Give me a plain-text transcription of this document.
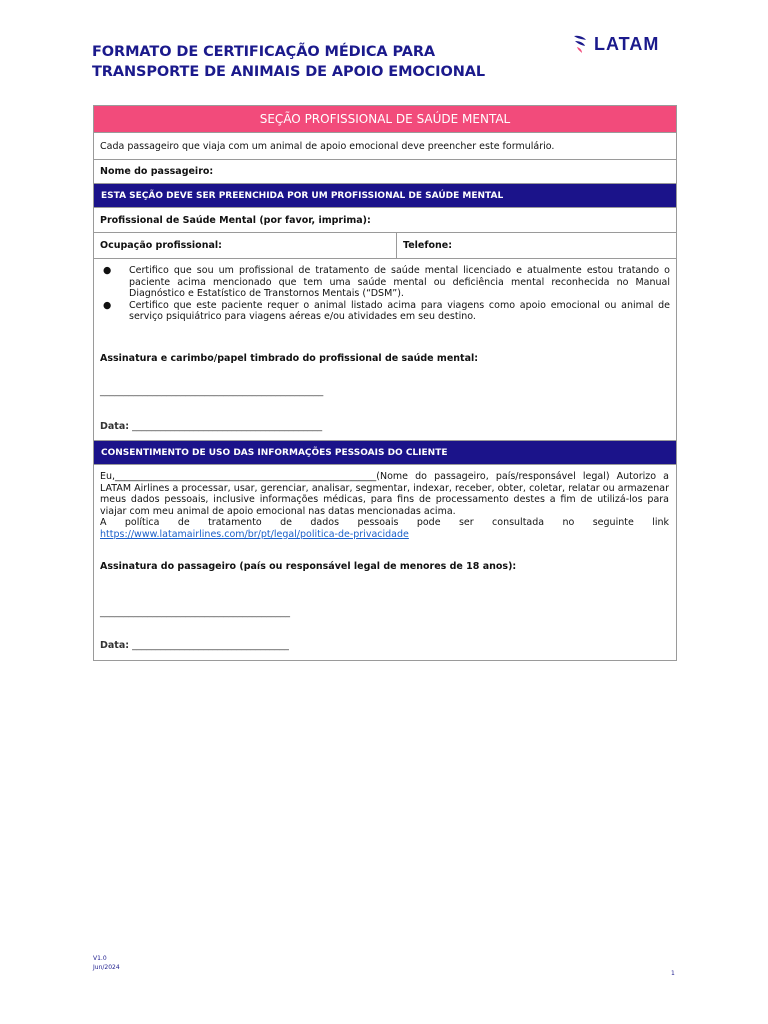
FORMATO DE CERTIFICAÇÃO MÉDICA PARA
TRANSPORTE DE ANIMAIS DE APOIO EMOCIONAL
LATAM
SEÇÃO PROFISSIONAL DE SAÚDE MENTAL
Cada passageiro que viaja com um animal de apoio emocional deve preencher este formulário.
Nome do passageiro:
ESTA SEÇÃO DEVE SER PREENCHIDA POR UM PROFISSIONAL DE SAÚDE MENTAL
Profissional de Saúde Mental (por favor, imprima):
Ocupação profissional:	Telefone:
●	Certifico que sou um profissional de tratamento de saúde mental licenciado e atualmente estou tratando o paciente acima mencionado que tem uma saúde mental ou deficiência mental reconhecida no Manual Diagnóstico e Estatístico de Transtornos Mentais (“DSM”).
●	Certifico que este paciente requer o animal listado acima para viagens como apoio emocional ou animal de serviço psiquiátrico para viagens aéreas e/ou atividades em seu destino.
Assinatura e carimbo/papel timbrado do profissional de saúde mental:
_______________________________________________
Data: ________________________________________
CONSENTIMENTO DE USO DAS INFORMAÇÕES PESSOAIS DO CLIENTE
Eu,_______________________________________________________(Nome do passageiro, país/responsável legal) Autorizo a LATAM Airlines a processar, usar, gerenciar, analisar, segmentar, indexar, receber, obter, coletar, relatar ou armazenar meus dados pessoais, inclusive informações médicas, para fins de processamento destes a fim de utilizá-los para viajar com meu animal de apoio emocional nas datas mencionadas acima.
A política de tratamento de dados pessoais pode ser consultada no seguinte link
https://www.latamairlines.com/br/pt/legal/politica-de-privacidade
Assinatura do passageiro (país ou responsável legal de menores de 18 anos):
________________________________________
Data: _________________________________
V1.0
Jun/2024
1
